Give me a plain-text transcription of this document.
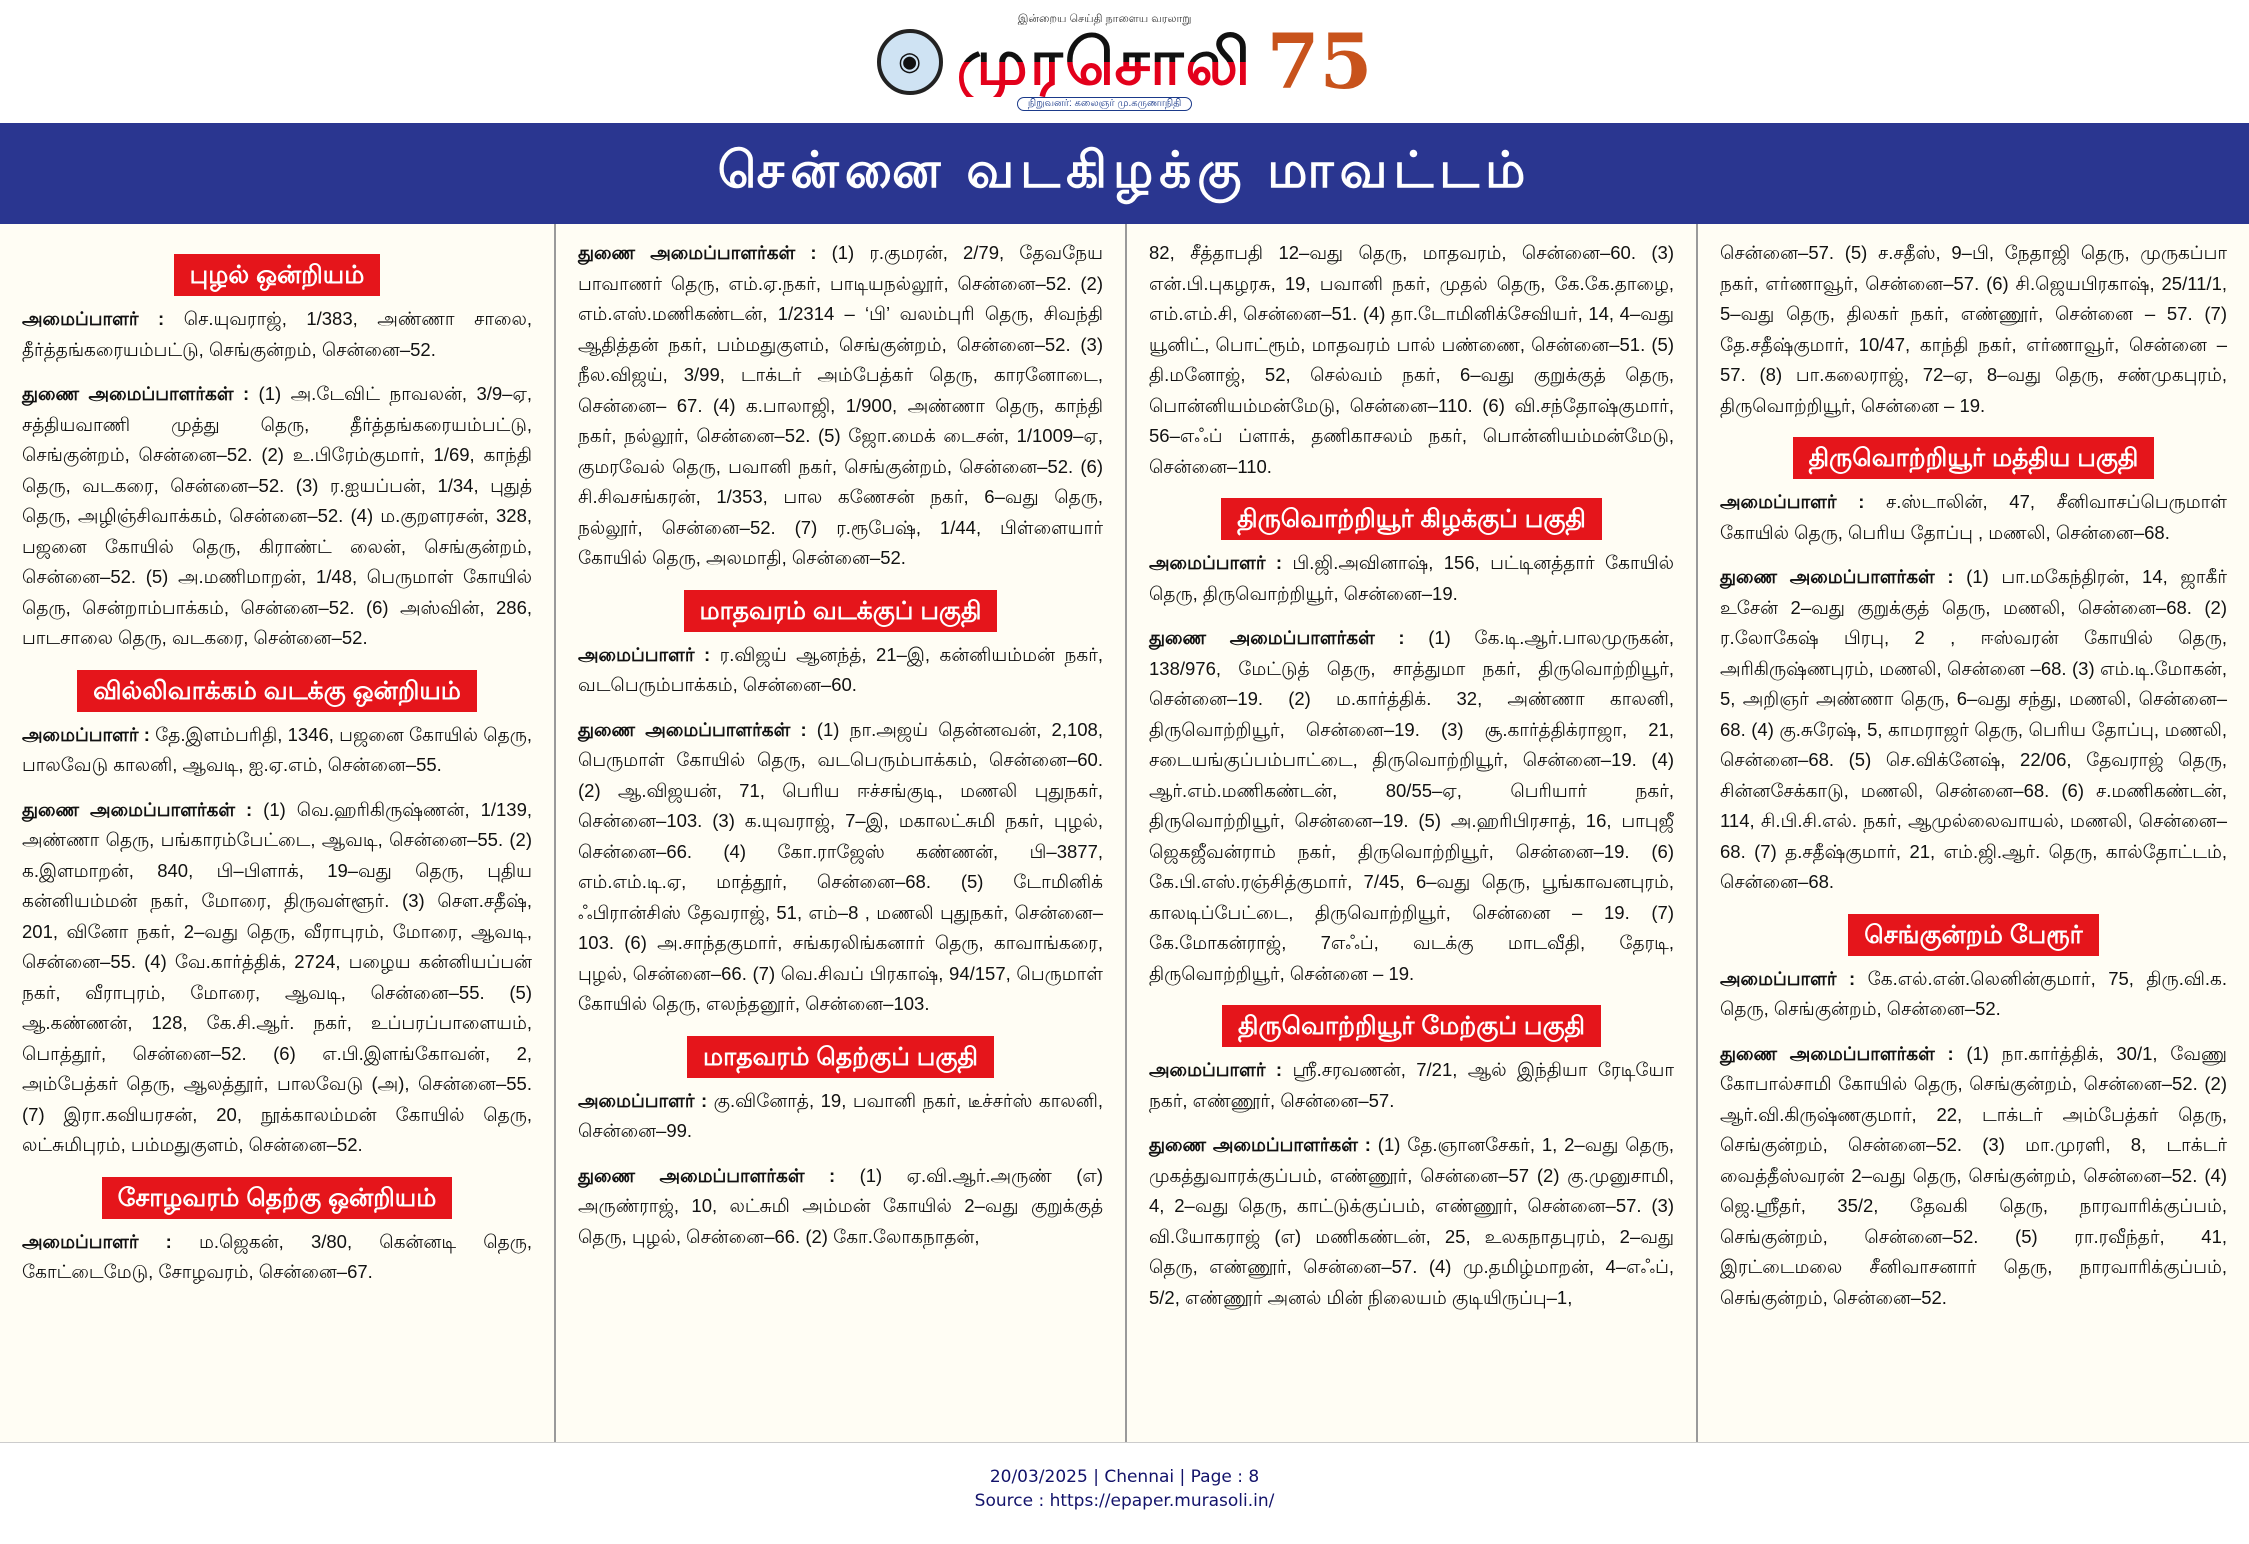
◉
இன்றைய செய்தி நாளைய வரலாறு
முரசொலி
நிறுவனர்: கலைஞர் மு.கருணாநிதி 75
சென்னை வடகிழக்கு மாவட்டம்
புழல் ஒன்றியம்

அமைப்பாளர் : செ.யுவராஜ், 1/383, அண்ணா சாலை, தீர்த்தங்கரையம்பட்டு, செங்குன்றம், சென்னை–52.

துணை அமைப்பாளர்கள் : (1) அ.டேவிட் நாவலன், 3/9–ஏ, சத்தியவாணி முத்து தெரு, தீர்த்தங்கரையம்பட்டு, செங்குன்றம், சென்னை–52. (2) உ.பிரேம்குமார், 1/69, காந்தி தெரு, வடகரை, சென்னை–52. (3) ர.ஐயப்பன், 1/34, புதுத் தெரு, அழிஞ்சிவாக்கம், சென்னை–52. (4) ம.குறளரசன், 328, பஜனை கோயில் தெரு, கிராண்ட் லைன், செங்குன்றம், சென்னை–52. (5) அ.மணிமாறன், 1/48, பெருமாள் கோயில் தெரு, சென்றாம்பாக்கம், சென்னை–52. (6) அஸ்வின், 286, பாடசாலை தெரு, வடகரை, சென்னை–52.

வில்லிவாக்கம் வடக்கு ஒன்றியம்

அமைப்பாளர் : தே.இளம்பரிதி, 1346, பஜனை கோயில் தெரு, பாலவேடு காலனி, ஆவடி, ஐ.ஏ.எம், சென்னை–55.

துணை அமைப்பாளர்கள் : (1) வெ.ஹரிகிருஷ்ணன், 1/139, அண்ணா தெரு, பங்காரம்பேட்டை, ஆவடி, சென்னை–55. (2) க.இளமாறன், 840, பி–பிளாக், 19–வது தெரு, புதிய கன்னியம்மன் நகர், மோரை, திருவள்ளூர். (3) செள.சதீஷ், 201, வினோ நகர், 2–வது தெரு, வீராபுரம், மோரை, ஆவடி, சென்னை–55. (4) வே.கார்த்திக், 2724, பழைய கன்னியப்பன் நகர், வீராபுரம், மோரை, ஆவடி, சென்னை–55. (5) ஆ.கண்ணன், 128, கே.சி.ஆர். நகர், உப்பரப்பாளையம், பொத்தூர், சென்னை–52. (6) எ.பி.இளங்கோவன், 2, அம்பேத்கர் தெரு, ஆலத்தூர், பாலவேடு (அ), சென்னை–55. (7) இரா.கவியரசன், 20, நூக்காலம்மன் கோயில் தெரு, லட்சுமிபுரம், பம்மதுகுளம், சென்னை–52.

சோழவரம் தெற்கு ஒன்றியம்

அமைப்பாளர் : ம.ஜெகன், 3/80, கென்னடி தெரு, கோட்டைமேடு, சோழவரம், சென்னை–67.

துணை அமைப்பாளர்கள் : (1) ர.குமரன், 2/79, தேவநேய பாவாணர் தெரு, எம்.ஏ.நகர், பாடியநல்லூர், சென்னை–52. (2) எம்.எஸ்.மணிகண்டன், 1/2314 – ‘பி’ வலம்புரி தெரு, சிவந்தி ஆதித்தன் நகர், பம்மதுகுளம், செங்குன்றம், சென்னை–52. (3) நீல.விஜய், 3/99, டாக்டர் அம்பேத்கர் தெரு, காரனோடை, சென்னை– 67. (4) க.பாலாஜி, 1/900, அண்ணா தெரு, காந்தி நகர், நல்லூர், சென்னை–52. (5) ஜோ.மைக் டைசன், 1/1009–ஏ, குமரவேல் தெரு, பவானி நகர், செங்குன்றம், சென்னை–52. (6) சி.சிவசங்கரன், 1/353, பால கணேசன் நகர், 6–வது தெரு, நல்லூர், சென்னை–52. (7) ர.ரூபேஷ், 1/44, பிள்ளையார் கோயில் தெரு, அலமாதி, சென்னை–52.

மாதவரம் வடக்குப் பகுதி

அமைப்பாளர் : ர.விஜய் ஆனந்த், 21–இ, கன்னியம்மன் நகர், வடபெரும்பாக்கம், சென்னை–60.

துணை அமைப்பாளர்கள் : (1) நா.அஜய் தென்னவன், 2,108, பெருமாள் கோயில் தெரு, வடபெரும்பாக்கம், சென்னை–60. (2) ஆ.விஜயன், 71, பெரிய ஈச்சங்குடி, மணலி புதுநகர், சென்னை–103. (3) க.யுவராஜ், 7–இ, மகாலட்சுமி நகர், புழல், சென்னை–66. (4) கோ.ராஜேஸ் கண்ணன், பி–3877, எம்.எம்.டி.ஏ, மாத்தூர், சென்னை–68. (5) டோமினிக் ஃபிரான்சிஸ் தேவராஜ், 51, எம்–8 , மணலி புதுநகர், சென்னை–103. (6) அ.சாந்தகுமார், சங்கரலிங்கனார் தெரு, காவாங்கரை, புழல், சென்னை–66. (7) வெ.சிவப் பிரகாஷ், 94/157, பெருமாள் கோயில் தெரு, எலந்தனூர், சென்னை–103.

மாதவரம் தெற்குப் பகுதி

அமைப்பாளர் : கு.வினோத், 19, பவானி நகர், டீச்சர்ஸ் காலனி, சென்னை–99.

துணை அமைப்பாளர்கள் : (1) ஏ.வி.ஆர்.அருண் (எ) அருண்ராஜ், 10, லட்சுமி அம்மன் கோயில் 2–வது குறுக்குத் தெரு, புழல், சென்னை–66. (2) கோ.லோகநாதன்,

82, சீத்தாபதி 12–வது தெரு, மாதவரம், சென்னை–60. (3) என்.பி.புகழரசு, 19, பவானி நகர், முதல் தெரு, கே.கே.தாழை, எம்.எம்.சி, சென்னை–51. (4) தா.டோமினிக்சேவியர், 14, 4–வது யூனிட், பொட்ரூம், மாதவரம் பால் பண்ணை, சென்னை–51. (5) தி.மனோஜ், 52, செல்வம் நகர், 6–வது குறுக்குத் தெரு, பொன்னியம்மன்மேடு, சென்னை–110. (6) வி.சந்தோஷ்குமார், 56–எஃப் ப்ளாக், தணிகாசலம் நகர், பொன்னியம்மன்மேடு, சென்னை–110.

திருவொற்றியூர் கிழக்குப் பகுதி

அமைப்பாளர் : பி.ஜி.அவினாஷ், 156, பட்டினத்தார் கோயில் தெரு, திருவொற்றியூர், சென்னை–19.

துணை அமைப்பாளர்கள் : (1) கே.டி.ஆர்.பாலமுருகன், 138/976, மேட்டுத் தெரு, சாத்துமா நகர், திருவொற்றியூர், சென்னை–19. (2) ம.கார்த்திக். 32, அண்ணா காலனி, திருவொற்றியூர், சென்னை–19. (3) சூ.கார்த்திக்ராஜா, 21, சடையங்குப்பம்பாட்டை, திருவொற்றியூர், சென்னை–19. (4) ஆர்.எம்.மணிகண்டன், 80/55–ஏ, பெரியார் நகர், திருவொற்றியூர், சென்னை–19. (5) அ.ஹரிபிரசாத், 16, பாபுஜீ ஜெகஜீவன்ராம் நகர், திருவொற்றியூர், சென்னை–19. (6) கே.பி.எஸ்.ரஞ்சித்குமார், 7/45, 6–வது தெரு, பூங்காவனபுரம், காலடிப்பேட்டை, திருவொற்றியூர், சென்னை – 19. (7) கே.மோகன்ராஜ், 7எஃப், வடக்கு மாடவீதி, தேரடி, திருவொற்றியூர், சென்னை – 19.

திருவொற்றியூர் மேற்குப் பகுதி

அமைப்பாளர் : ஸ்ரீ.சரவணன், 7/21, ஆல் இந்தியா ரேடியோ நகர், எண்ணூர், சென்னை–57.

துணை அமைப்பாளர்கள் : (1) தே.ஞானசேகர், 1, 2–வது தெரு, முகத்துவாரக்குப்பம், எண்ணூர், சென்னை–57 (2) கு.முனுசாமி, 4, 2–வது தெரு, காட்டுக்குப்பம், எண்ணூர், சென்னை–57. (3) வி.யோகராஜ் (எ) மணிகண்டன், 25, உலகநாதபுரம், 2–வது தெரு, எண்ணூர், சென்னை–57. (4) மு.தமிழ்மாறன், 4–எஃப், 5/2, எண்ணூர் அனல் மின் நிலையம் குடியிருப்பு–1,

சென்னை–57. (5) ச.சதீஸ், 9–பி, நேதாஜி தெரு, முருகப்பா நகர், எர்ணாவூர், சென்னை–57. (6) சி.ஜெயபிரகாஷ், 25/11/1, 5–வது தெரு, திலகர் நகர், எண்ணூர், சென்னை – 57. (7) தே.சதீஷ்குமார், 10/47, காந்தி நகர், எர்ணாவூர், சென்னை – 57. (8) பா.கலைராஜ், 72–ஏ, 8–வது தெரு, சண்முகபுரம், திருவொற்றியூர், சென்னை – 19.

திருவொற்றியூர் மத்திய பகுதி

அமைப்பாளர் : ச.ஸ்டாலின், 47, சீனிவாசப்பெருமாள் கோயில் தெரு, பெரிய தோப்பு , மணலி, சென்னை–68.

துணை அமைப்பாளர்கள் : (1) பா.மகேந்திரன், 14, ஜாகீர் உசேன் 2–வது குறுக்குத் தெரு, மணலி, சென்னை–68. (2) ர.லோகேஷ் பிரபு, 2 , ஈஸ்வரன் கோயில் தெரு, அரிகிருஷ்ணபுரம், மணலி, சென்னை –68. (3) எம்.டி.மோகன், 5, அறிஞர் அண்ணா தெரு, 6–வது சந்து, மணலி, சென்னை–68. (4) கு.சுரேஷ், 5, காமராஜர் தெரு, பெரிய தோப்பு, மணலி, சென்னை–68. (5) செ.விக்னேஷ், 22/06, தேவராஜ் தெரு, சின்னசேக்காடு, மணலி, சென்னை–68. (6) ச.மணிகண்டன், 114, சி.பி.சி.எல். நகர், ஆமுல்லைவாயல், மணலி, சென்னை–68. (7) த.சதீஷ்குமார், 21, எம்.ஜி.ஆர். தெரு, கால்தோட்டம், சென்னை–68.

செங்குன்றம் பேரூர்

அமைப்பாளர் : கே.எல்.என்.லெனின்குமார், 75, திரு.வி.க. தெரு, செங்குன்றம், சென்னை–52.

துணை அமைப்பாளர்கள் : (1) நா.கார்த்திக், 30/1, வேணு கோபால்சாமி கோயில் தெரு, செங்குன்றம், சென்னை–52. (2) ஆர்.வி.கிருஷ்ணகுமார், 22, டாக்டர் அம்பேத்கர் தெரு, செங்குன்றம், சென்னை–52. (3) மா.முரளி, 8, டாக்டர் வைத்தீஸ்வரன் 2–வது தெரு, செங்குன்றம், சென்னை–52. (4) ஜெ.ஸ்ரீதர், 35/2, தேவகி தெரு, நாரவாரிக்குப்பம், செங்குன்றம், சென்னை–52. (5) ரா.ரவீந்தர், 41, இரட்டைமலை சீனிவாசனார் தெரு, நாரவாரிக்குப்பம், செங்குன்றம், சென்னை–52.

20/03/2025 | Chennai | Page : 8
Source : https://epaper.murasoli.in/
